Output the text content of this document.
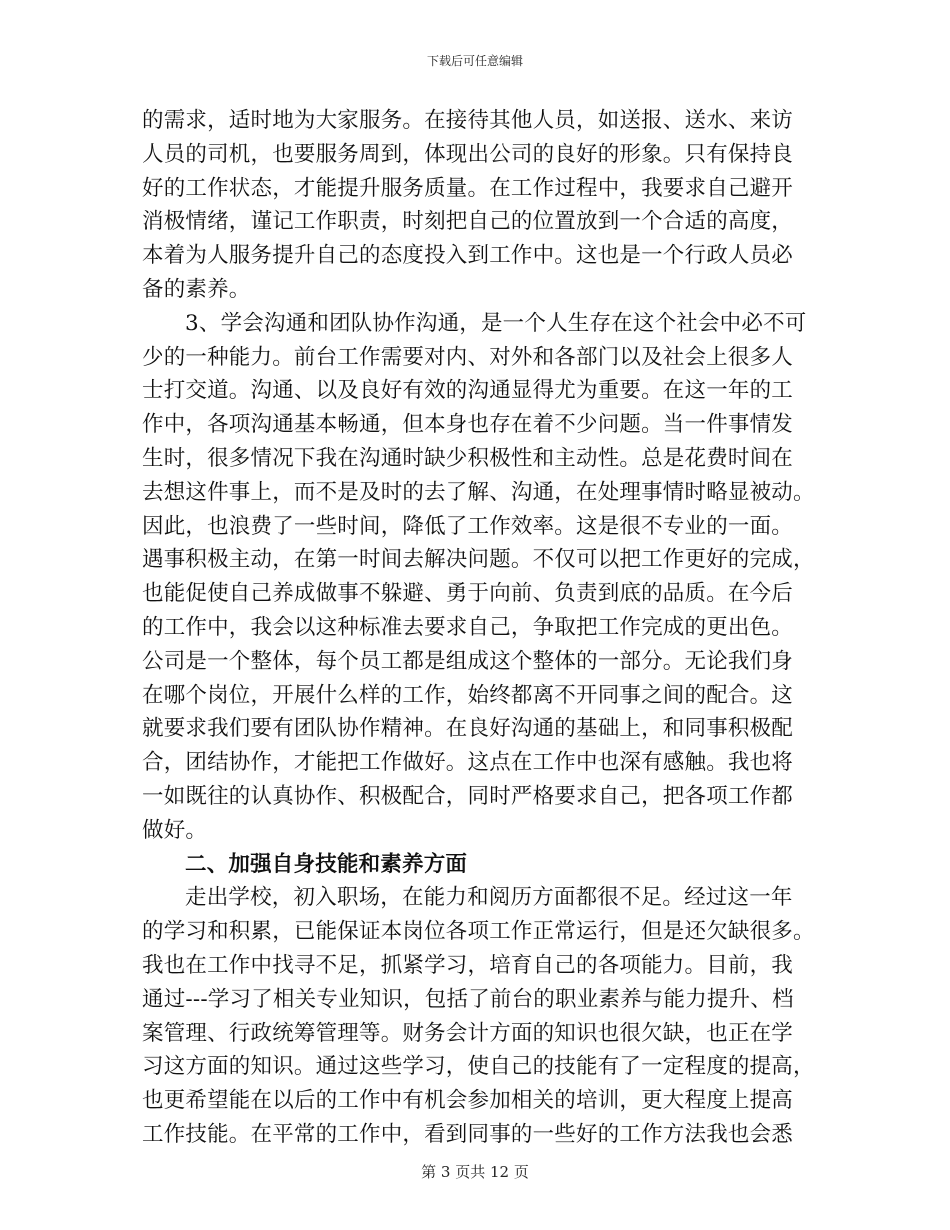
下载后可任意编辑
的需求，适时地为大家服务。在接待其他人员，如送报、送水、来访
人员的司机，也要服务周到，体现出公司的良好的形象。只有保持良
好的工作状态，才能提升服务质量。在工作过程中，我要求自己避开
消极情绪，谨记工作职责，时刻把自己的位置放到一个合适的高度，
本着为人服务提升自己的态度投入到工作中。这也是一个行政人员必
备的素养。
3、学会沟通和团队协作沟通，是一个人生存在这个社会中必不可
少的一种能力。前台工作需要对内、对外和各部门以及社会上很多人
士打交道。沟通、以及良好有效的沟通显得尤为重要。在这一年的工
作中，各项沟通基本畅通，但本身也存在着不少问题。当一件事情发
生时，很多情况下我在沟通时缺少积极性和主动性。总是花费时间在
去想这件事上，而不是及时的去了解、沟通，在处理事情时略显被动。
因此，也浪费了一些时间，降低了工作效率。这是很不专业的一面。
遇事积极主动，在第一时间去解决问题。不仅可以把工作更好的完成，
也能促使自己养成做事不躲避、勇于向前、负责到底的品质。在今后
的工作中，我会以这种标准去要求自己，争取把工作完成的更出色。
公司是一个整体，每个员工都是组成这个整体的一部分。无论我们身
在哪个岗位，开展什么样的工作，始终都离不开同事之间的配合。这
就要求我们要有团队协作精神。在良好沟通的基础上，和同事积极配
合，团结协作，才能把工作做好。这点在工作中也深有感触。我也将
一如既往的认真协作、积极配合，同时严格要求自己，把各项工作都
做好。
二、加强自身技能和素养方面
走出学校，初入职场，在能力和阅历方面都很不足。经过这一年
的学习和积累，已能保证本岗位各项工作正常运行，但是还欠缺很多。
我也在工作中找寻不足，抓紧学习，培育自己的各项能力。目前，我
通过---学习了相关专业知识，包括了前台的职业素养与能力提升、档
案管理、行政统筹管理等。财务会计方面的知识也很欠缺，也正在学
习这方面的知识。通过这些学习，使自己的技能有了一定程度的提高，
也更希望能在以后的工作中有机会参加相关的培训，更大程度上提高
工作技能。在平常的工作中，看到同事的一些好的工作方法我也会悉
第 3 页共 12 页
